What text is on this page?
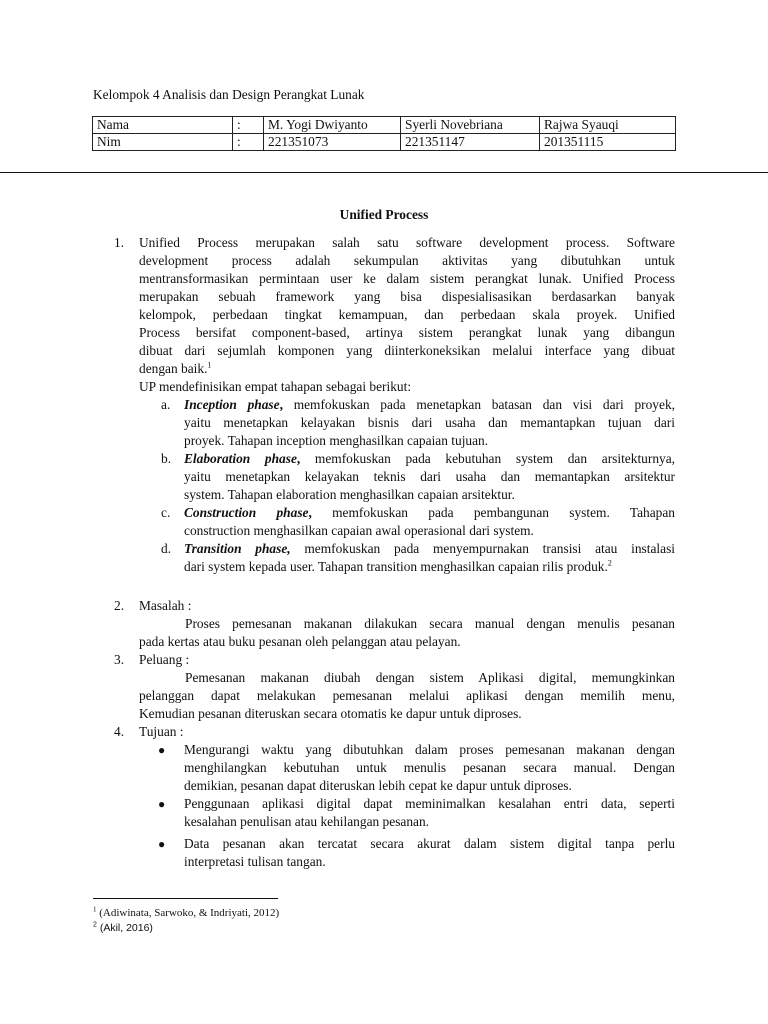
Kelompok 4 Analisis dan Design Perangkat Lunak
Nama	:	M. Yogi Dwiyanto	Syerli Novebriana	Rajwa Syauqi
Nim	:	221351073	221351147	201351115
Unified Process
1. Unified Process merupakan salah satu software development process. Software
development process adalah sekumpulan aktivitas yang dibutuhkan untuk
mentransformasikan permintaan user ke dalam sistem perangkat lunak. Unified Process
merupakan sebuah framework yang bisa dispesialisasikan berdasarkan banyak
kelompok, perbedaan tingkat kemampuan, dan perbedaan skala proyek. Unified
Process bersifat component-based, artinya sistem perangkat lunak yang dibangun
dibuat dari sejumlah komponen yang diinterkoneksikan melalui interface yang dibuat
dengan baik.$^1$
UP mendefinisikan empat tahapan sebagai berikut:
a. Inception phase, memfokuskan pada menetapkan batasan dan visi dari proyek,
yaitu menetapkan kelayakan bisnis dari usaha dan memantapkan tujuan dari
proyek. Tahapan inception menghasilkan capaian tujuan.
b. Elaboration phase, memfokuskan pada kebutuhan system dan arsitekturnya,
yaitu menetapkan kelayakan teknis dari usaha dan memantapkan arsitektur
system. Tahapan elaboration menghasilkan capaian arsitektur.
c. Construction phase, memfokuskan pada pembangunan system. Tahapan
construction menghasilkan capaian awal operasional dari system.
d. Transition phase, memfokuskan pada menyempurnakan transisi atau instalasi
dari system kepada user. Tahapan transition menghasilkan capaian rilis produk.$^2$
2. Masalah :
Proses pemesanan makanan dilakukan secara manual dengan menulis pesanan
pada kertas atau buku pesanan oleh pelanggan atau pelayan.
3. Peluang :
Pemesanan makanan diubah dengan sistem Aplikasi digital, memungkinkan
pelanggan dapat melakukan pemesanan melalui aplikasi dengan memilih menu,
Kemudian pesanan diteruskan secara otomatis ke dapur untuk diproses.
4. Tujuan :
● Mengurangi waktu yang dibutuhkan dalam proses pemesanan makanan dengan
menghilangkan kebutuhan untuk menulis pesanan secara manual. Dengan
demikian, pesanan dapat diteruskan lebih cepat ke dapur untuk diproses.
● Penggunaan aplikasi digital dapat meminimalkan kesalahan entri data, seperti
kesalahan penulisan atau kehilangan pesanan.
● Data pesanan akan tercatat secara akurat dalam sistem digital tanpa perlu
interpretasi tulisan tangan.
$^1$ (Adiwinata, Sarwoko, & Indriyati, 2012)
$^2$ (Akil, 2016)
